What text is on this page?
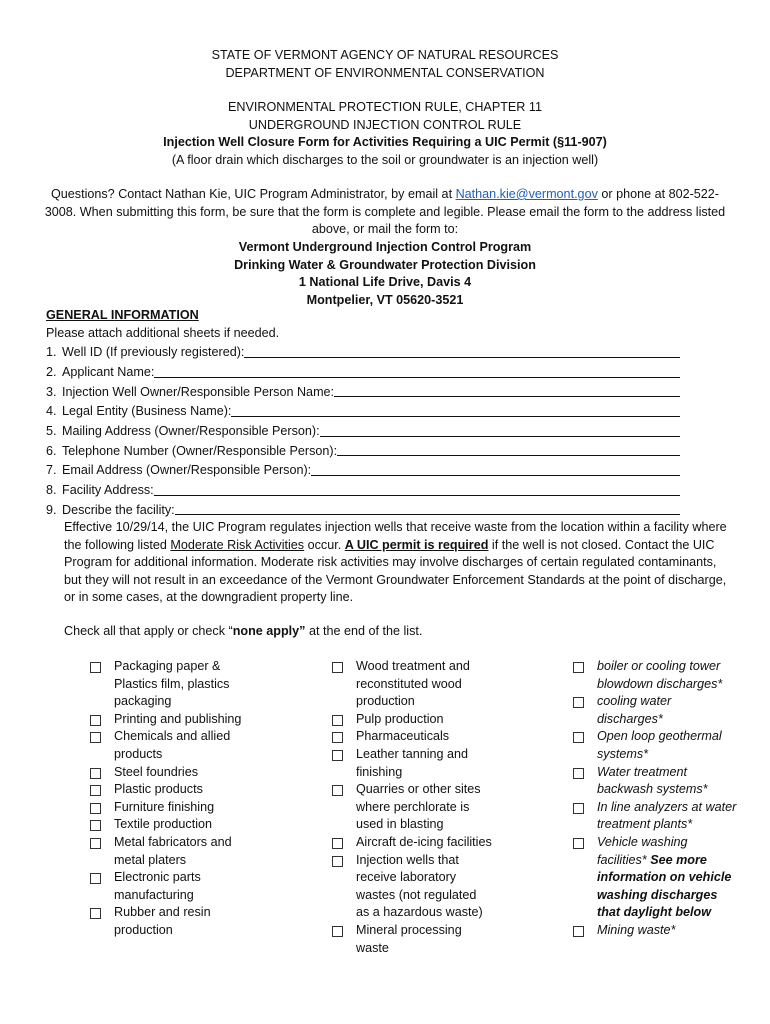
STATE OF VERMONT AGENCY OF NATURAL RESOURCES
DEPARTMENT OF ENVIRONMENTAL CONSERVATION
ENVIRONMENTAL PROTECTION RULE, CHAPTER 11
UNDERGROUND INJECTION CONTROL RULE
Injection Well Closure Form for Activities Requiring a UIC Permit (§11-907)
(A floor drain which discharges to the soil or groundwater is an injection well)
Questions? Contact Nathan Kie, UIC Program Administrator, by email at Nathan.kie@vermont.gov or phone at 802-522-3008. When submitting this form, be sure that the form is complete and legible. Please email the form to the address listed above, or mail the form to:
Vermont Underground Injection Control Program
Drinking Water & Groundwater Protection Division
1 National Life Drive, Davis 4
Montpelier, VT 05620-3521
GENERAL INFORMATION
Please attach additional sheets if needed.
1. Well ID (If previously registered):
2. Applicant Name:
3. Injection Well Owner/Responsible Person Name:
4. Legal Entity (Business Name):
5. Mailing Address (Owner/Responsible Person):
6. Telephone Number (Owner/Responsible Person):
7. Email Address (Owner/Responsible Person):
8. Facility Address:
9. Describe the facility:
Effective 10/29/14, the UIC Program regulates injection wells that receive waste from the location within a facility where the following listed Moderate Risk Activities occur. A UIC permit is required if the well is not closed. Contact the UIC Program for additional information. Moderate risk activities may involve discharges of certain regulated contaminants, but they will not result in an exceedance of the Vermont Groundwater Enforcement Standards at the point of discharge, or in some cases, at the downgradient property line.
Check all that apply or check “none apply” at the end of the list.
Packaging paper & Plastics film, plastics packaging
Printing and publishing
Chemicals and allied products
Steel foundries
Plastic products
Furniture finishing
Textile production
Metal fabricators and metal platers
Electronic parts manufacturing
Rubber and resin production
Wood treatment and reconstituted wood production
Pulp production
Pharmaceuticals
Leather tanning and finishing
Quarries or other sites where perchlorate is used in blasting
Aircraft de-icing facilities
Injection wells that receive laboratory wastes (not regulated as a hazardous waste)
Mineral processing waste
boiler or cooling tower blowdown discharges*
cooling water discharges*
Open loop geothermal systems*
Water treatment backwash systems*
In line analyzers at water treatment plants*
Vehicle washing facilities* See more information on vehicle washing discharges that daylight below
Mining waste*
